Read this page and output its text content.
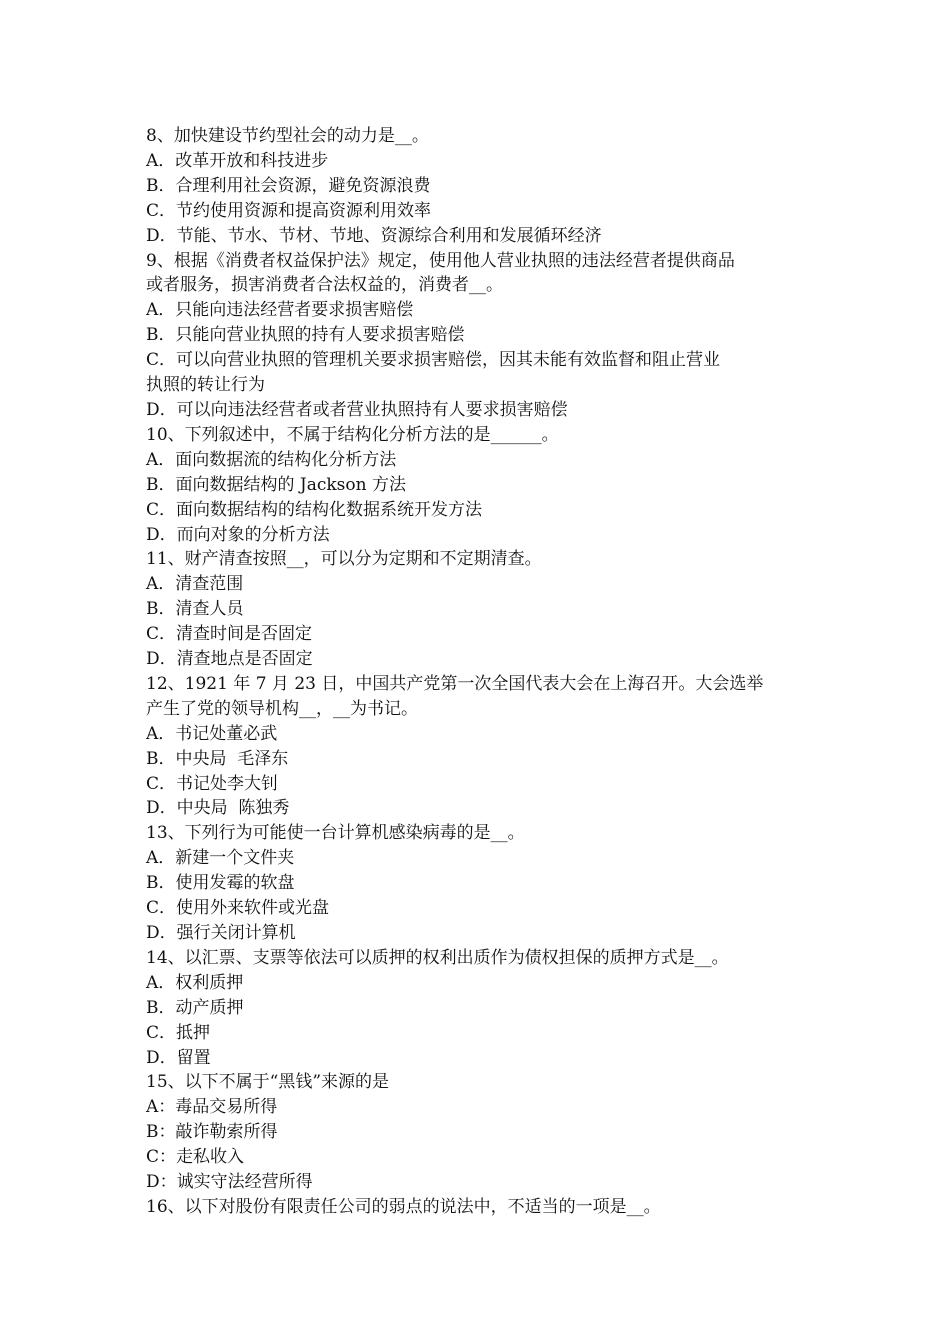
8、加快建设节约型社会的动力是__。

A．改革开放和科技进步

B．合理利用社会资源，避免资源浪费

C．节约使用资源和提高资源利用效率

D．节能、节水、节材、节地、资源综合利用和发展循环经济

9、根据《消费者权益保护法》规定，使用他人营业执照的违法经营者提供商品

或者服务，损害消费者合法权益的，消费者__。

A．只能向违法经营者要求损害赔偿

B．只能向营业执照的持有人要求损害赔偿

C．可以向营业执照的管理机关要求损害赔偿，因其未能有效监督和阻止营业

执照的转让行为

D．可以向违法经营者或者营业执照持有人要求损害赔偿

10、下列叙述中，不属于结构化分析方法的是______。

A．面向数据流的结构化分析方法

B．面向数据结构的 Jackson 方法

C．面向数据结构的结构化数据系统开发方法

D．而向对象的分析方法

11、财产清查按照__，可以分为定期和不定期清查。

A．清查范围

B．清查人员

C．清查时间是否固定

D．清查地点是否固定

12、1921 年 7 月 23 日，中国共产党第一次全国代表大会在上海召开。大会选举

产生了党的领导机构__，__为书记。

A．书记处董必武

B．中央局  毛泽东

C．书记处李大钊

D．中央局  陈独秀

13、下列行为可能使一台计算机感染病毒的是__。

A．新建一个文件夹

B．使用发霉的软盘

C．使用外来软件或光盘

D．强行关闭计算机

14、以汇票、支票等依法可以质押的权利出质作为债权担保的质押方式是__。

A．权利质押

B．动产质押

C．抵押

D．留置

15、以下不属于“黑钱”来源的是

A：毒品交易所得

B：敲诈勒索所得

C：走私收入

D：诚实守法经营所得

16、以下对股份有限责任公司的弱点的说法中，不适当的一项是__。
